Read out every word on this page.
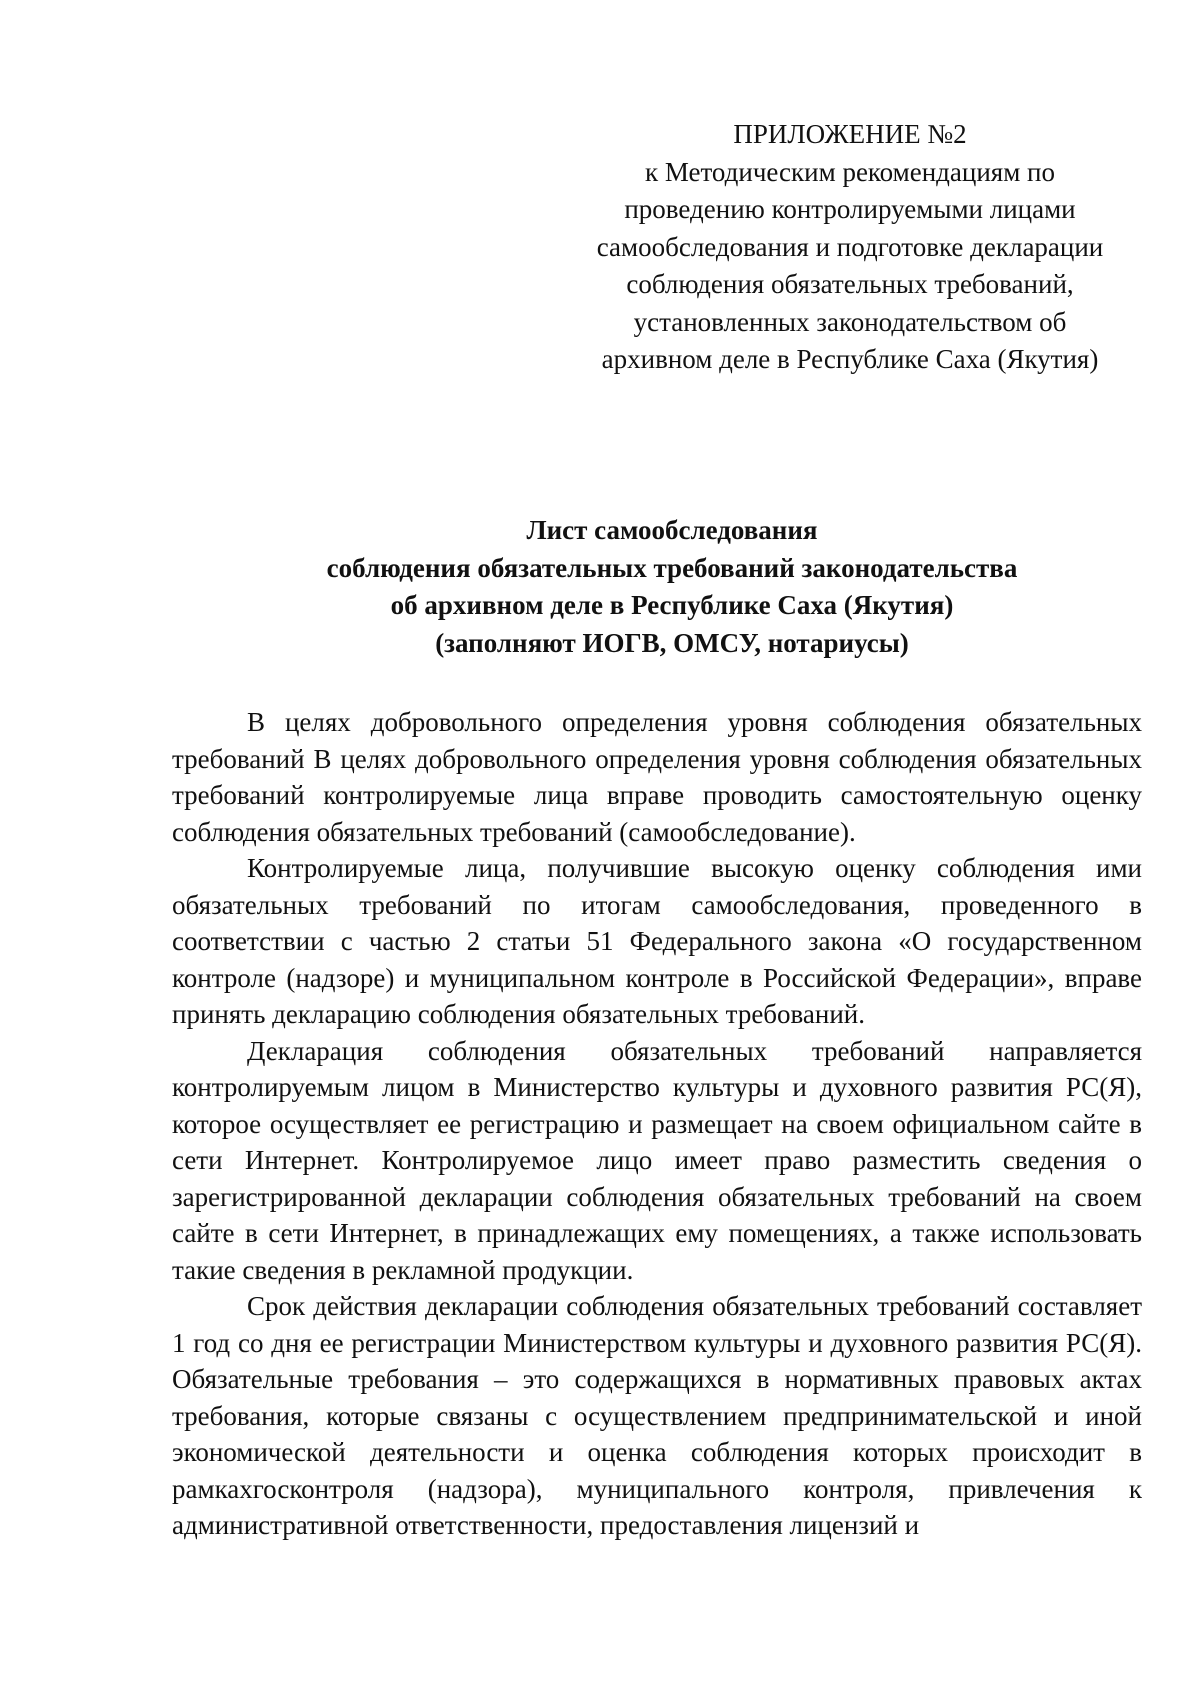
ПРИЛОЖЕНИЕ №2
к Методическим рекомендациям по
проведению контролируемыми лицами
самообследования и подготовке декларации
соблюдения обязательных требований,
установленных законодательством об
архивном деле в Республике Саха (Якутия)
Лист самообследования
соблюдения обязательных требований законодательства
об архивном деле в Республике Саха (Якутия)
(заполняют ИОГВ, ОМСУ, нотариусы)

В целях добровольного определения уровня соблюдения обязательных требований В целях добровольного определения уровня соблюдения обязательных требований контролируемые лица вправе проводить самостоятельную оценку соблюдения обязательных требований (самообследование).

Контролируемые лица, получившие высокую оценку соблюдения ими обязательных требований по итогам самообследования, проведенного в соответствии с частью 2 статьи 51 Федерального закона «О государственном контроле (надзоре) и муниципальном контроле в Российской Федерации», вправе принять декларацию соблюдения обязательных требований.

Декларация соблюдения обязательных требований направляется контролируемым лицом в Министерство культуры и духовного развития РС(Я), которое осуществляет ее регистрацию и размещает на своем официальном сайте в сети Интернет. Контролируемое лицо имеет право разместить сведения о зарегистрированной декларации соблюдения обязательных требований на своем сайте в сети Интернет, в принадлежащих ему помещениях, а также использовать такие сведения в рекламной продукции.

Срок действия декларации соблюдения обязательных требований составляет 1 год со дня ее регистрации Министерством культуры и духовного развития РС(Я). Обязательные требования – это содержащихся в нормативных правовых актах требования, которые связаны с осуществлением предпринимательской и иной экономической деятельности и оценка соблюдения которых происходит в рамкахгосконтроля (надзора), муниципального контроля, привлечения к административной ответственности, предоставления лицензий и
